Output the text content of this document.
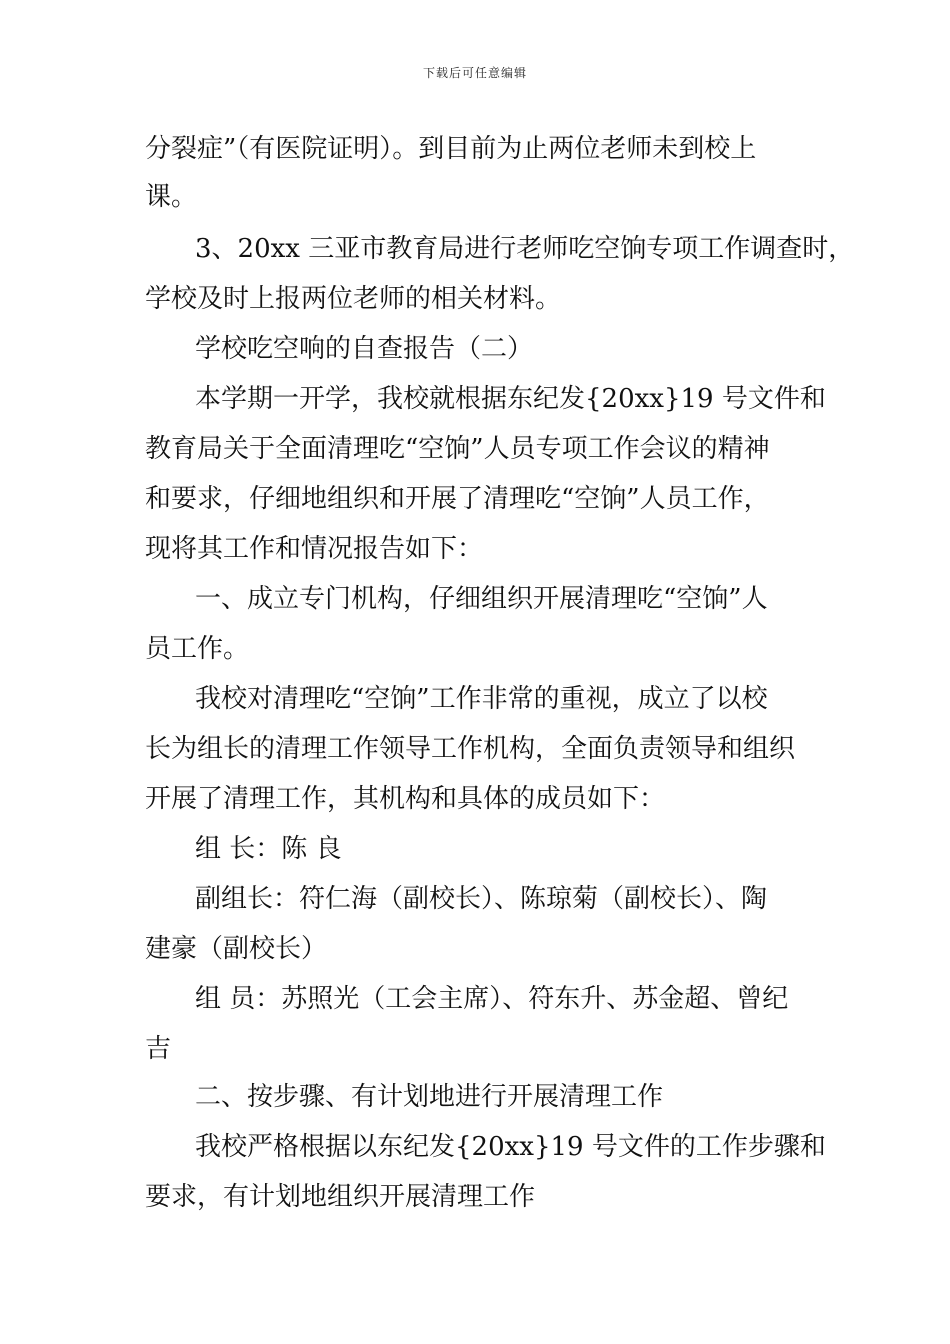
下载后可任意编辑
分裂症”（有医院证明）。到目前为止两位老师未到校上
课。
3、20xx 三亚市教育局进行老师吃空饷专项工作调查时，
学校及时上报两位老师的相关材料。
学校吃空响的自查报告（二）
本学期一开学，我校就根据东纪发{20xx}19 号文件和
教育局关于全面清理吃“空饷”人员专项工作会议的精神
和要求，仔细地组织和开展了清理吃“空饷”人员工作，
现将其工作和情况报告如下：
一、成立专门机构，仔细组织开展清理吃“空饷”人
员工作。
我校对清理吃“空饷”工作非常的重视，成立了以校
长为组长的清理工作领导工作机构，全面负责领导和组织
开展了清理工作，其机构和具体的成员如下：
组 长：陈 良
副组长：符仁海（副校长）、陈琼菊（副校长）、陶
建豪（副校长）
组 员：苏照光（工会主席）、符东升、苏金超、曾纪
吉
二、按步骤、有计划地进行开展清理工作
我校严格根据以东纪发{20xx}19 号文件的工作步骤和
要求，有计划地组织开展清理工作
